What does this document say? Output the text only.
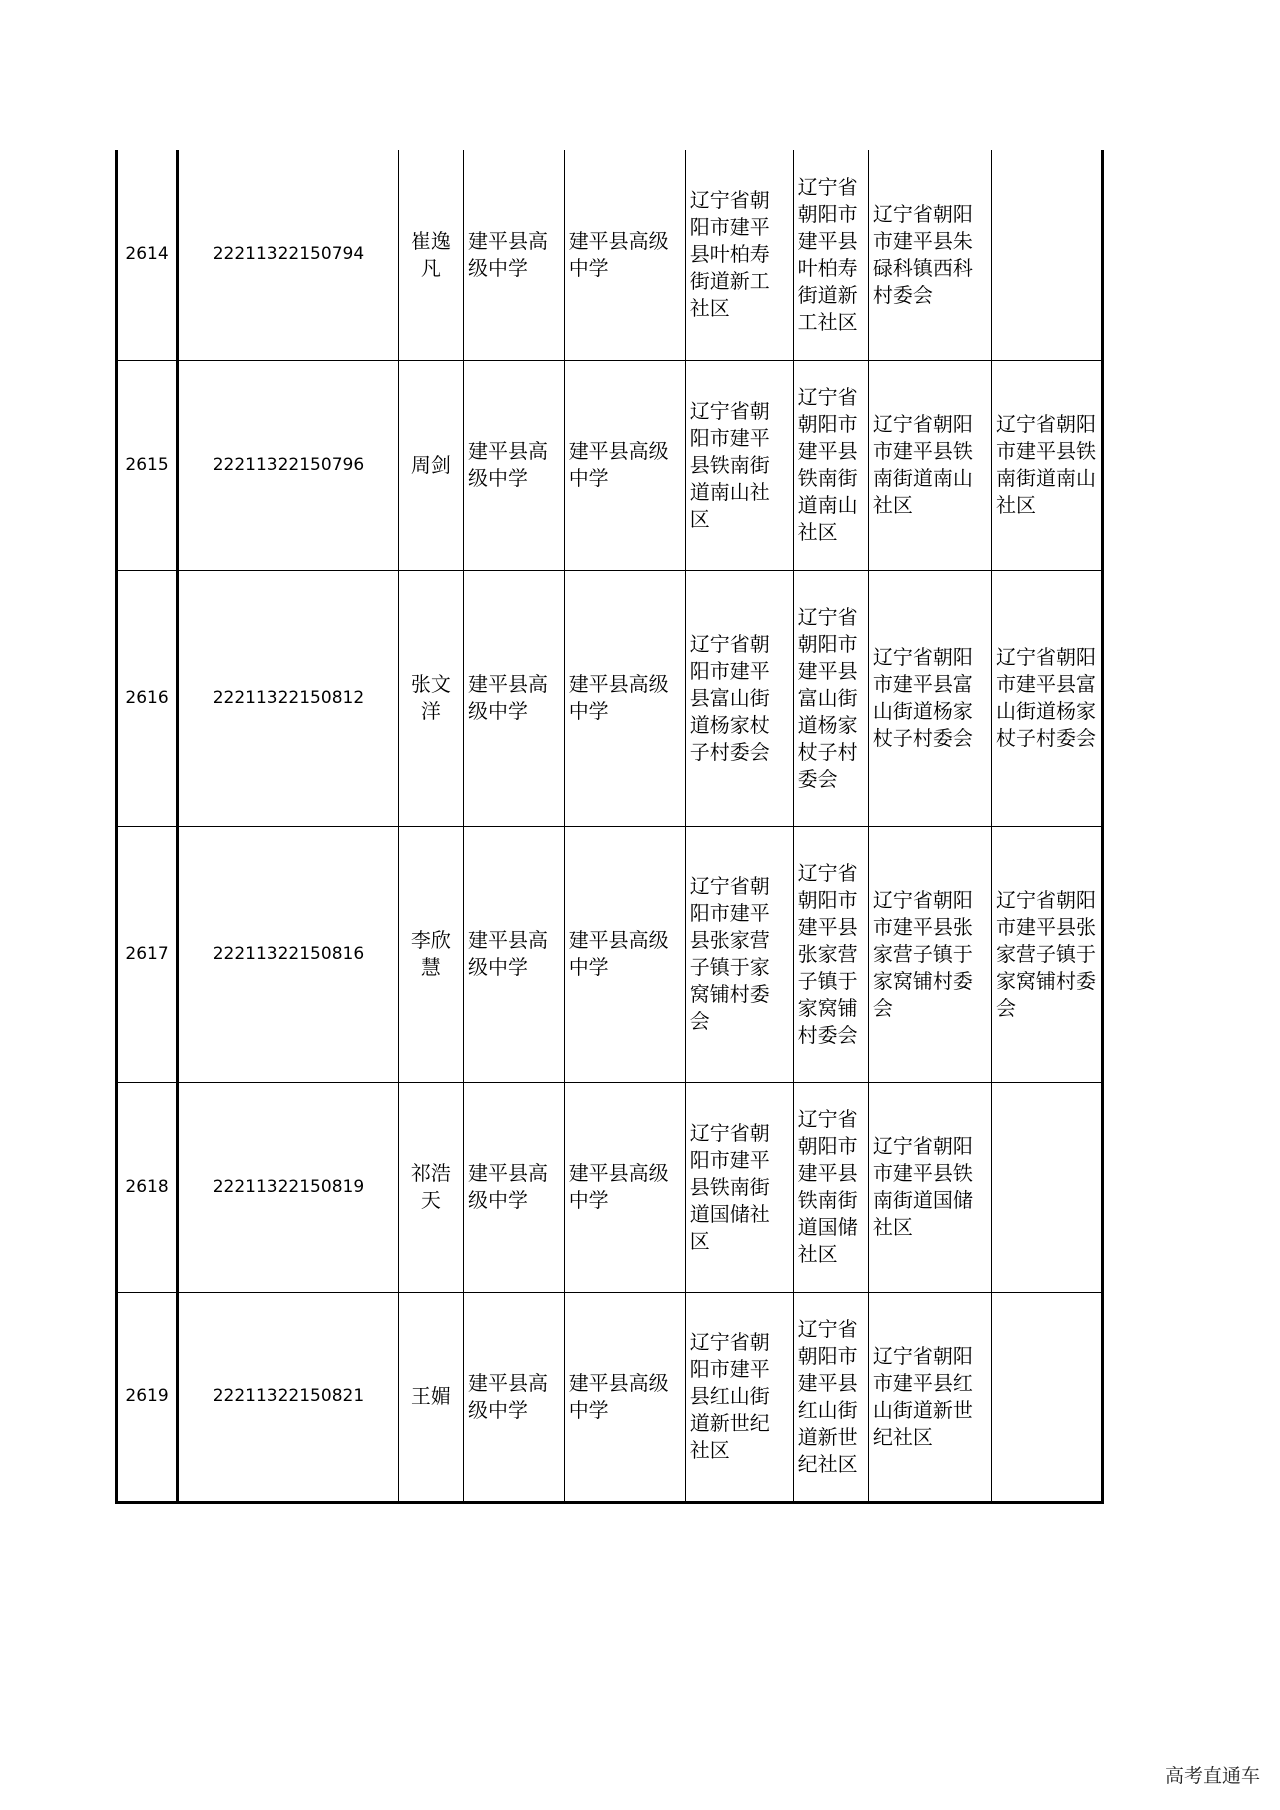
2614	22211322150794	崔逸凡	建平县高级中学	建平县高级中学	辽宁省朝阳市建平县叶柏寿街道新工社区	辽宁省朝阳市建平县叶柏寿街道新工社区	辽宁省朝阳市建平县朱碌科镇西科村委会	
2615	22211322150796	周剑	建平县高级中学	建平县高级中学	辽宁省朝阳市建平县铁南街道南山社区	辽宁省朝阳市建平县铁南街道南山社区	辽宁省朝阳市建平县铁南街道南山社区	辽宁省朝阳市建平县铁南街道南山社区
2616	22211322150812	张文洋	建平县高级中学	建平县高级中学	辽宁省朝阳市建平县富山街道杨家杖子村委会	辽宁省朝阳市建平县富山街道杨家杖子村委会	辽宁省朝阳市建平县富山街道杨家杖子村委会	辽宁省朝阳市建平县富山街道杨家杖子村委会
2617	22211322150816	李欣慧	建平县高级中学	建平县高级中学	辽宁省朝阳市建平县张家营子镇于家窝铺村委会	辽宁省朝阳市建平县张家营子镇于家窝铺村委会	辽宁省朝阳市建平县张家营子镇于家窝铺村委会	辽宁省朝阳市建平县张家营子镇于家窝铺村委会
2618	22211322150819	祁浩天	建平县高级中学	建平县高级中学	辽宁省朝阳市建平县铁南街道国储社区	辽宁省朝阳市建平县铁南街道国储社区	辽宁省朝阳市建平县铁南街道国储社区	
2619	22211322150821	王媚	建平县高级中学	建平县高级中学	辽宁省朝阳市建平县红山街道新世纪社区	辽宁省朝阳市建平县红山街道新世纪社区	辽宁省朝阳市建平县红山街道新世纪社区	
高考直通车
